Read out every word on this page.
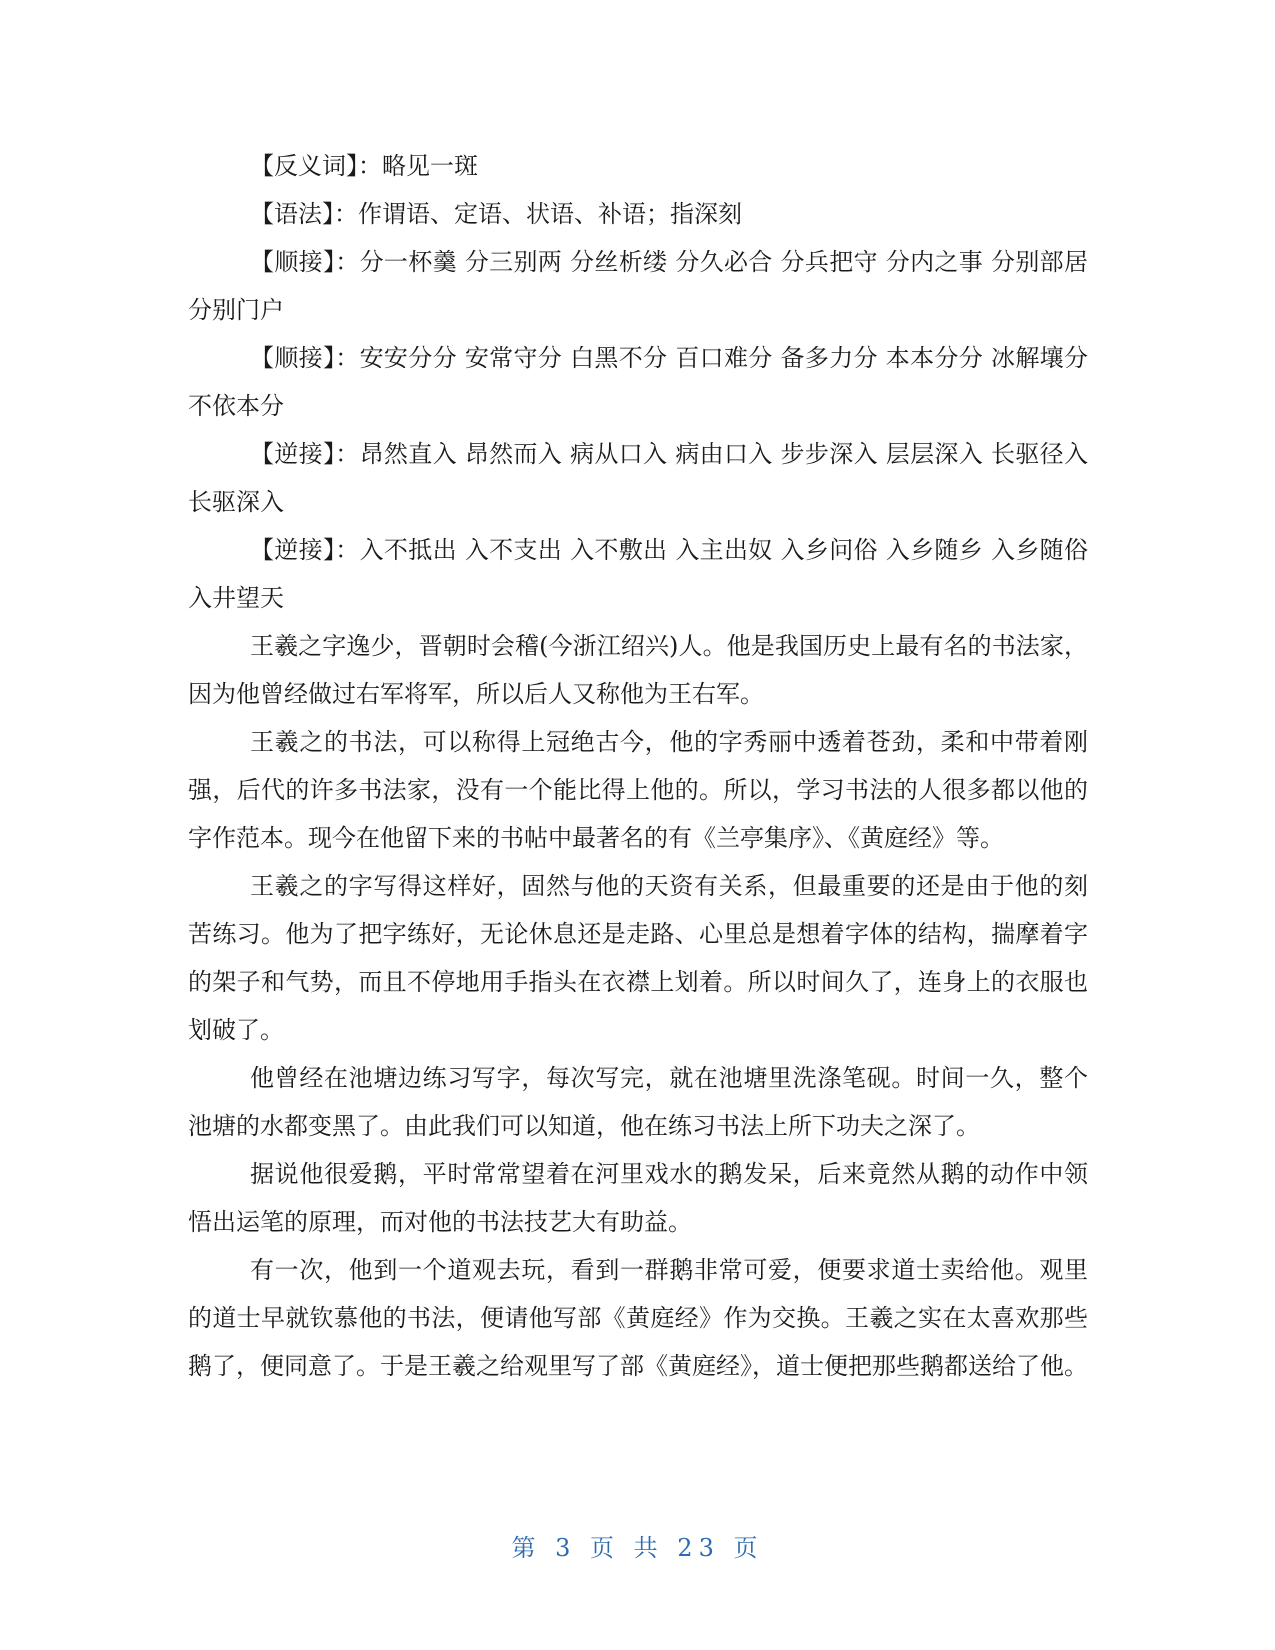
【反义词】：略见一斑

【语法】：作谓语、定语、状语、补语；指深刻

【顺接】：分一杯羹 分三别两 分丝析缕 分久必合 分兵把守 分内之事 分别部居 分别门户

【顺接】：安安分分 安常守分 白黑不分 百口难分 备多力分 本本分分 冰解壤分 不依本分

【逆接】：昂然直入 昂然而入 病从口入 病由口入 步步深入 层层深入 长驱径入 长驱深入

【逆接】：入不抵出 入不支出 入不敷出 入主出奴 入乡问俗 入乡随乡 入乡随俗 入井望天

王羲之字逸少，晋朝时会稽(今浙江绍兴)人。他是我国历史上最有名的书法家，因为他曾经做过右军将军，所以后人又称他为王右军。

王羲之的书法，可以称得上冠绝古今，他的字秀丽中透着苍劲，柔和中带着刚强，后代的许多书法家，没有一个能比得上他的。所以，学习书法的人很多都以他的字作范本。现今在他留下来的书帖中最著名的有《兰亭集序》、《黄庭经》等。

王羲之的字写得这样好，固然与他的天资有关系，但最重要的还是由于他的刻苦练习。他为了把字练好，无论休息还是走路、心里总是想着字体的结构，揣摩着字的架子和气势，而且不停地用手指头在衣襟上划着。所以时间久了，连身上的衣服也划破了。

他曾经在池塘边练习写字，每次写完，就在池塘里洗涤笔砚。时间一久，整个池塘的水都变黑了。由此我们可以知道，他在练习书法上所下功夫之深了。

据说他很爱鹅，平时常常望着在河里戏水的鹅发呆，后来竟然从鹅的动作中领悟出运笔的原理，而对他的书法技艺大有助益。

有一次，他到一个道观去玩，看到一群鹅非常可爱，便要求道士卖给他。观里的道士早就钦慕他的书法，便请他写部《黄庭经》作为交换。王羲之实在太喜欢那些鹅了，便同意了。于是王羲之给观里写了部《黄庭经》，道士便把那些鹅都送给了他。

第 3 页 共 23 页
